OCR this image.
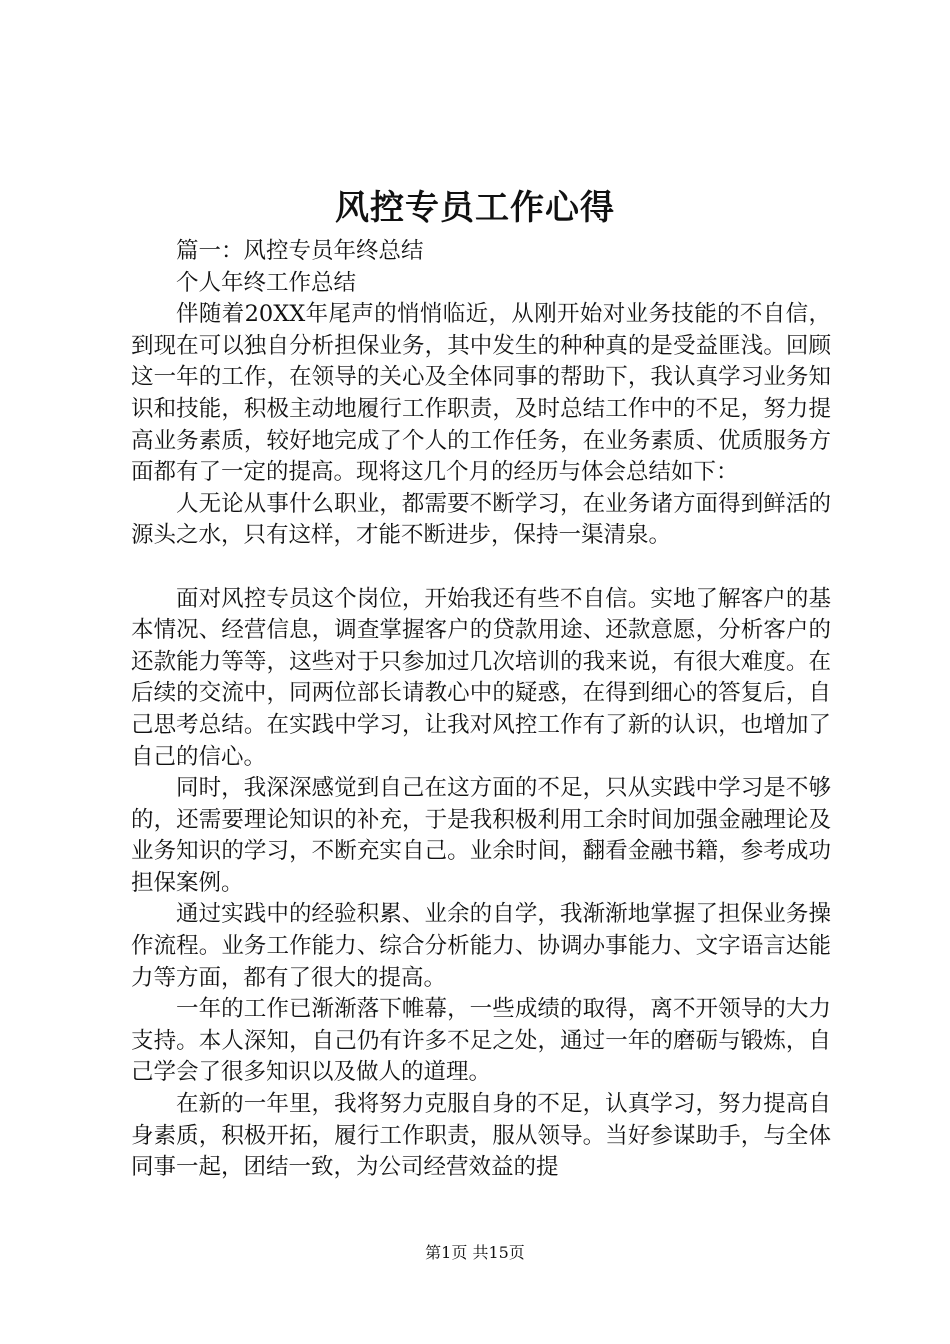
风控专员工作心得

篇一：风控专员年终总结

个人年终工作总结

伴随着20XX年尾声的悄悄临近，从刚开始对业务技能的不自信，到现在可以独自分析担保业务，其中发生的种种真的是受益匪浅。回顾这一年的工作，在领导的关心及全体同事的帮助下，我认真学习业务知识和技能，积极主动地履行工作职责，及时总结工作中的不足，努力提高业务素质，较好地完成了个人的工作任务，在业务素质、优质服务方面都有了一定的提高。现将这几个月的经历与体会总结如下：

人无论从事什么职业，都需要不断学习，在业务诸方面得到鲜活的源头之水，只有这样，才能不断进步，保持一渠清泉。

面对风控专员这个岗位，开始我还有些不自信。实地了解客户的基本情况、经营信息，调查掌握客户的贷款用途、还款意愿，分析客户的还款能力等等，这些对于只参加过几次培训的我来说，有很大难度。在后续的交流中，同两位部长请教心中的疑惑，在得到细心的答复后，自己思考总结。在实践中学习，让我对风控工作有了新的认识，也增加了自己的信心。

同时，我深深感觉到自己在这方面的不足，只从实践中学习是不够的，还需要理论知识的补充，于是我积极利用工余时间加强金融理论及业务知识的学习，不断充实自己。业余时间，翻看金融书籍，参考成功担保案例。

通过实践中的经验积累、业余的自学，我渐渐地掌握了担保业务操作流程。业务工作能力、综合分析能力、协调办事能力、文字语言达能力等方面，都有了很大的提高。

一年的工作已渐渐落下帷幕，一些成绩的取得，离不开领导的大力支持。本人深知，自己仍有许多不足之处，通过一年的磨砺与锻炼，自己学会了很多知识以及做人的道理。

在新的一年里，我将努力克服自身的不足，认真学习，努力提高自身素质，积极开拓，履行工作职责，服从领导。当好参谋助手，与全体同事一起，团结一致，为公司经营效益的提

第1页 共15页
